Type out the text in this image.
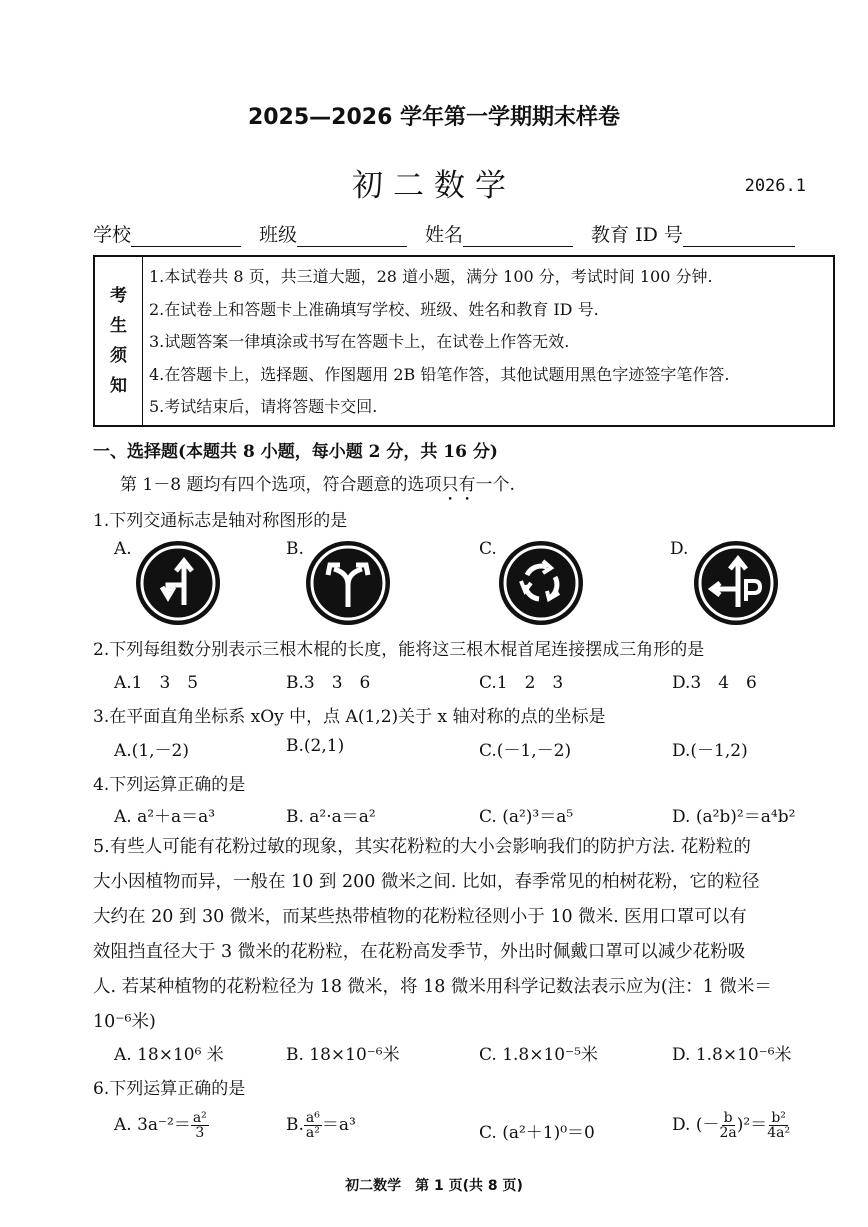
2025—2026 学年第一学期期末样卷
初二数学	2026.1
学校	班级	姓名	教育 ID 号
考
生
须
知
1.本试卷共 8 页，共三道大题，28 道小题，满分 100 分，考试时间 100 分钟.
2.在试卷上和答题卡上准确填写学校、班级、姓名和教育 ID 号.
3.试题答案一律填涂或书写在答题卡上，在试卷上作答无效.
4.在答题卡上，选择题、作图题用 2B 铅笔作答，其他试题用黑色字迹签字笔作答.
5.考试结束后，请将答题卡交回.
一、选择题(本题共 8 小题，每小题 2 分，共 16 分)
第 1－8 题均有四个选项，符合题意的选项只有一个.
1.下列交通标志是轴对称图形的是
A.	B.	C.	D.
2.下列每组数分别表示三根木棍的长度，能将这三根木棍首尾连接摆成三角形的是
A.1　3　5	B.3　3　6	C.1　2　3	D.3　4　6
3.在平面直角坐标系 xOy 中，点 A(1,2)关于 x 轴对称的点的坐标是
A.(1,－2)	B.(2,1)	C.(－1,－2)	D.(－1,2)
4.下列运算正确的是
A. a²＋a＝a³	B. a²·a＝a²	C. (a²)³＝a⁵	D. (a²b)²＝a⁴b²
5.有些人可能有花粉过敏的现象，其实花粉粒的大小会影响我们的防护方法. 花粉粒的
大小因植物而异，一般在 10 到 200 微米之间. 比如，春季常见的柏树花粉，它的粒径
大约在 20 到 30 微米，而某些热带植物的花粉粒径则小于 10 微米. 医用口罩可以有
效阻挡直径大于 3 微米的花粉粒，在花粉高发季节，外出时佩戴口罩可以减少花粉吸
人. 若某种植物的花粉粒径为 18 微米，将 18 微米用科学记数法表示应为(注：1 微米＝
10⁻⁶米)
A. 18×10⁶ 米	B. 18×10⁻⁶米	C. 1.8×10⁻⁵米	D. 1.8×10⁻⁶米
6.下列运算正确的是
A. $3a^{-2}= \frac{\text{a²}}{3}$	B. $\frac{\text{a⁶}}{\text{a²}} =a^3$	C. (a²＋1)⁰＝0	D. (－ $\frac{b}{2a} )^2= \frac{\text{b²}}{\text{4a²}}$
初二数学　第 1 页(共 8 页)
